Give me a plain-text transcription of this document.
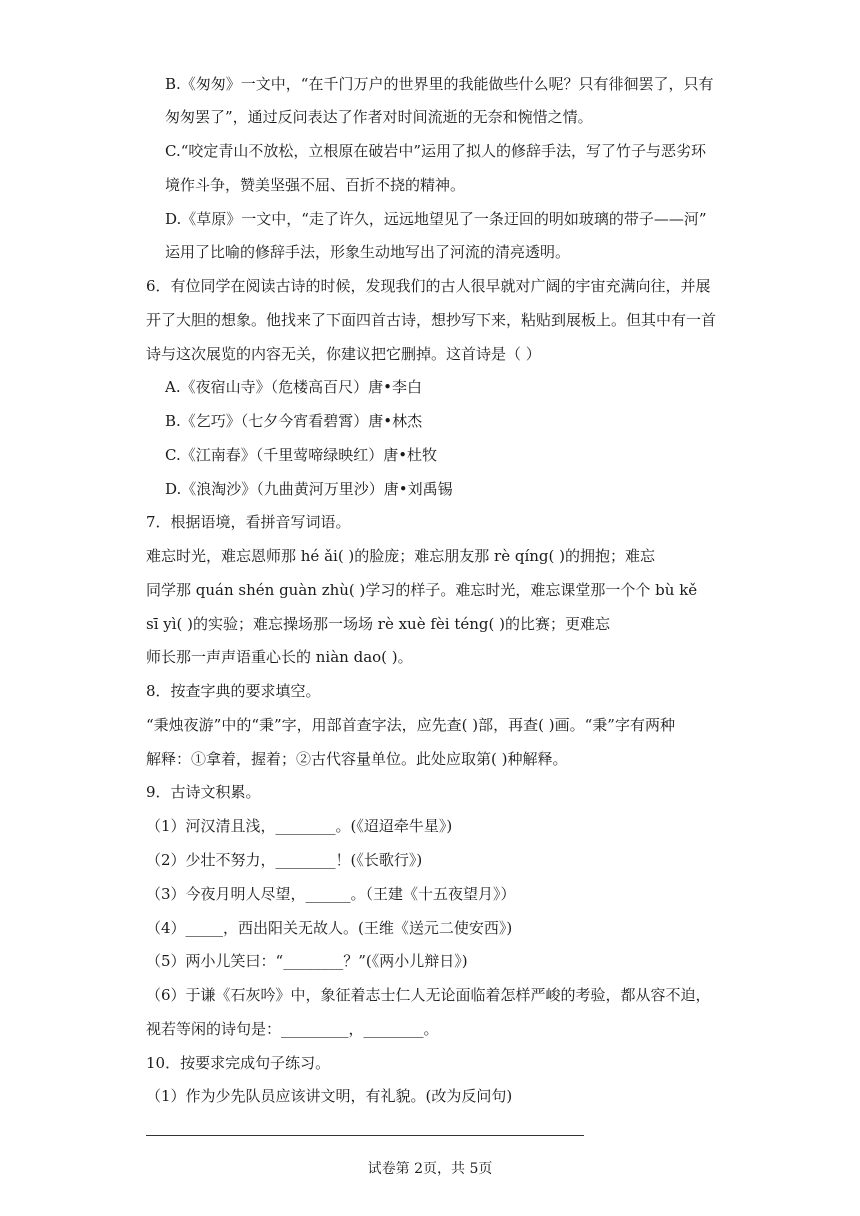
B.《匆匆》一文中，“在千门万户的世界里的我能做些什么呢？只有徘徊罢了，只有
匆匆罢了”，通过反问表达了作者对时间流逝的无奈和惋惜之情。
C.“咬定青山不放松，立根原在破岩中”运用了拟人的修辞手法，写了竹子与恶劣环
境作斗争，赞美坚强不屈、百折不挠的精神。
D.《草原》一文中，“走了许久，远远地望见了一条迂回的明如玻璃的带子——河”
运用了比喻的修辞手法，形象生动地写出了河流的清亮透明。
6．有位同学在阅读古诗的时候，发现我们的古人很早就对广阔的宇宙充满向往，并展
开了大胆的想象。他找来了下面四首古诗，想抄写下来，粘贴到展板上。但其中有一首
诗与这次展览的内容无关，你建议把它删掉。这首诗是（ ）
A.《夜宿山寺》（危楼高百尺）唐•李白
B.《乞巧》（七夕今宵看碧霄）唐•林杰
C.《江南春》（千里莺啼绿映红）唐•杜牧
D.《浪淘沙》（九曲黄河万里沙）唐•刘禹锡
7．根据语境，看拼音写词语。
难忘时光，难忘恩师那 hé ǎi( )的脸庞；难忘朋友那 rè qíng( )的拥抱；难忘
同学那 quán shén guàn zhù( )学习的样子。难忘时光，难忘课堂那一个个 bù kě
sī yì( )的实验；难忘操场那一场场 rè xuè fèi téng( )的比赛；更难忘
师长那一声声语重心长的 niàn dao( )。
8．按查字典的要求填空。
“秉烛夜游”中的“秉”字，用部首查字法，应先查( )部，再查( )画。“秉”字有两种
解释：①拿着，握着；②古代容量单位。此处应取第( )种解释。
9．古诗文积累。
（1）河汉清且浅，________。(《迢迢牵牛星》)
（2）少壮不努力，________！(《长歌行》)
（3）今夜月明人尽望，______。（王建《十五夜望月》）
（4）_____，西出阳关无故人。(王维《送元二使安西》)
（5）两小儿笑曰：“________？”(《两小儿辩日》)
（6）于谦《石灰吟》中，象征着志士仁人无论面临着怎样严峻的考验，都从容不迫，
视若等闲的诗句是：_________，________。
10．按要求完成句子练习。
（1）作为少先队员应该讲文明，有礼貌。(改为反问句)
试卷第 2页，共 5页
